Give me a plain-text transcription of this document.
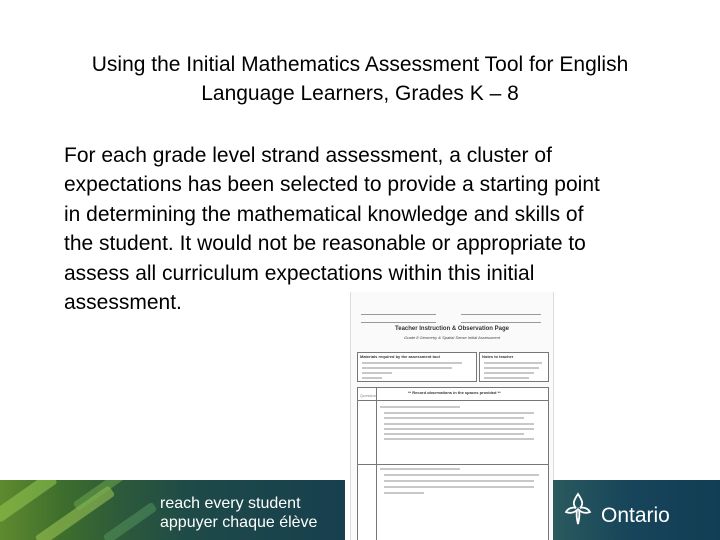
Using the Initial Mathematics Assessment Tool for English
Language Learners, Grades K – 8

For each grade level strand assessment, a cluster of

expectations has been selected to provide a starting point

in determining the mathematical knowledge and skills of

the student. It would not be reasonable or appropriate to

assess all curriculum expectations within this initial

assessment.

Teacher Instruction & Observation Page
Grade 8 Geometry & Spatial Sense Initial Assessment
Materials required by the assessment tool	Notes to teacher
** Record observations in the spaces provided **
Question
reach every student
appuyer chaque élève	Ontario
